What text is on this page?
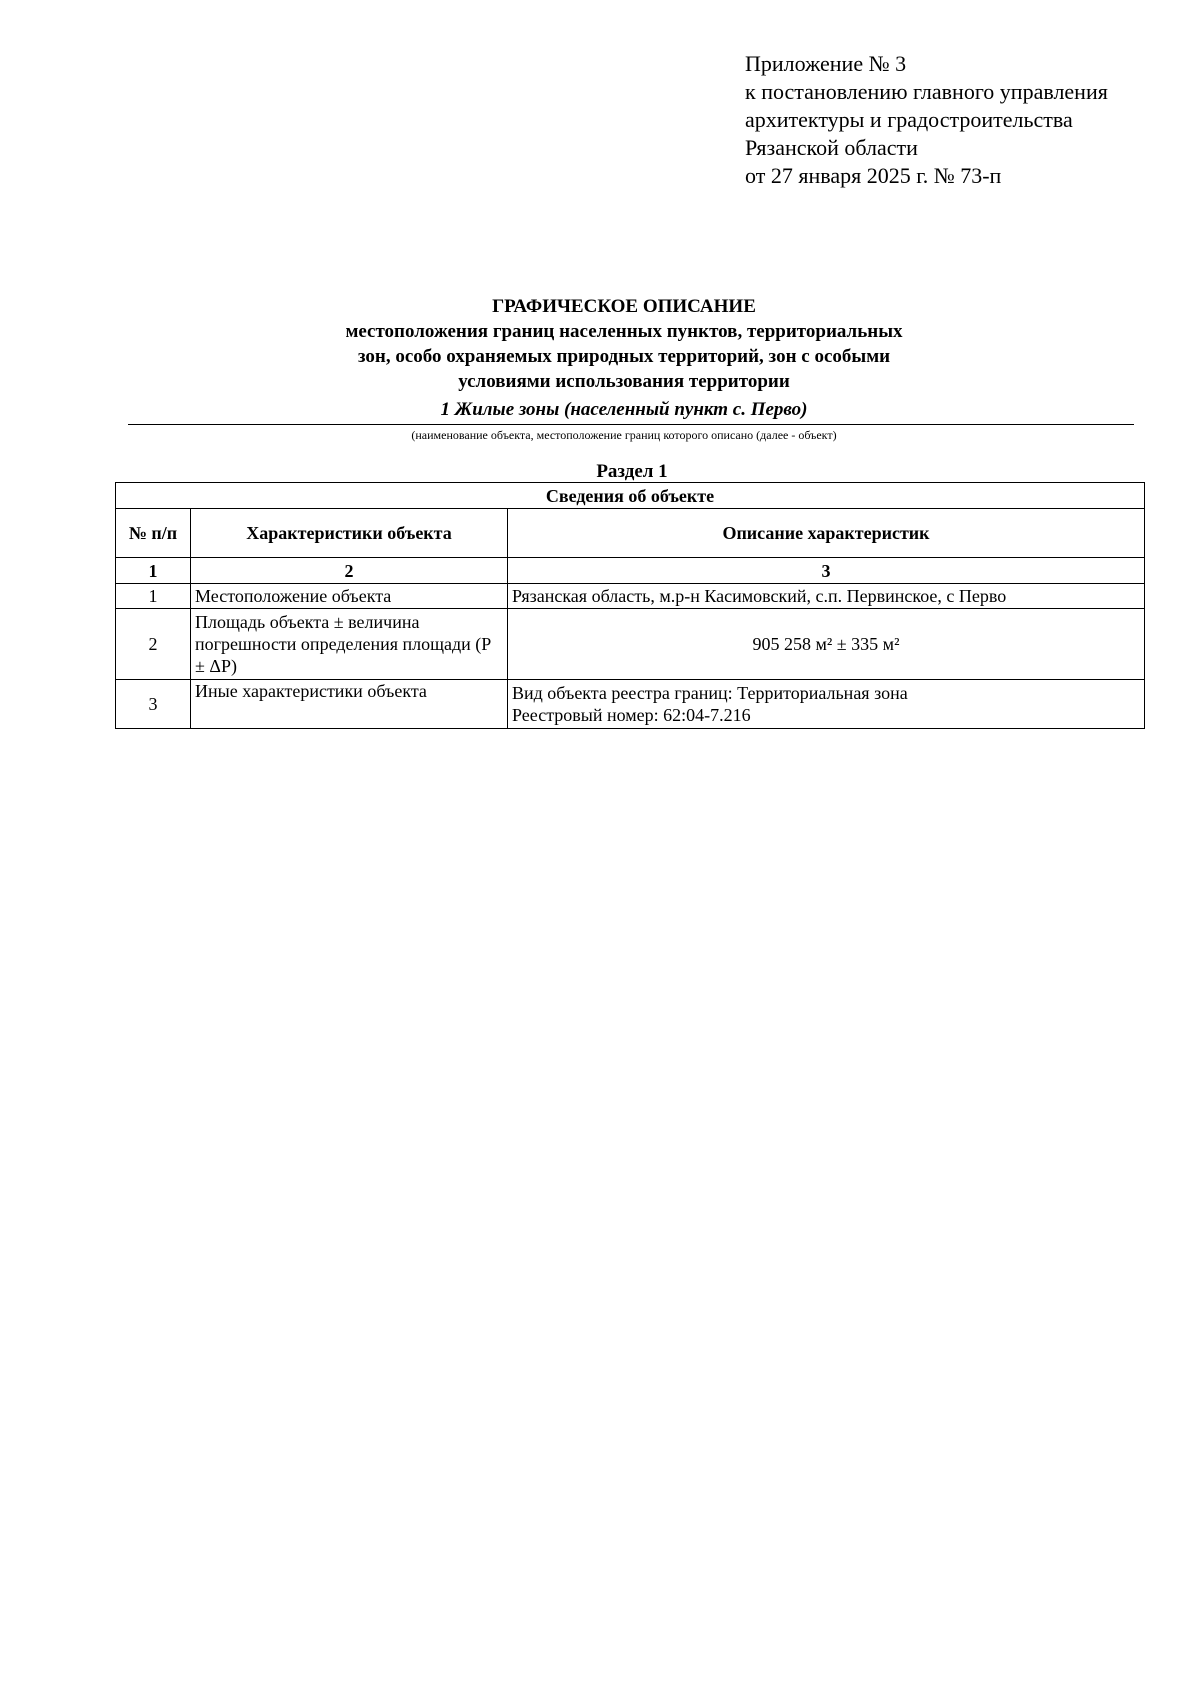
Приложение № 3
к постановлению главного управления
архитектуры и градостроительства
Рязанской области
от 27 января 2025 г. № 73-п
ГРАФИЧЕСКОЕ ОПИСАНИЕ
местоположения границ населенных пунктов, территориальных
зон, особо охраняемых природных территорий, зон с особыми
условиями использования территории
1 Жилые зоны (населенный пункт с. Перво)
(наименование объекта, местоположение границ которого описано (далее - объект)
Раздел 1
Сведения об объекте		
№ п/п	Характеристики объекта	Описание характеристик
1	2	3
1	Местоположение объекта	Рязанская область, м.р-н Касимовский, с.п. Первинское, с Перво

2	Площадь объекта ± величина погрешности определения площади (P ± ΔP)	905 258 м² ± 335 м²

3	Иные характеристики объекта	Вид объекта реестра границ: Территориальная зона
Реестровый номер: 62:04-7.216
